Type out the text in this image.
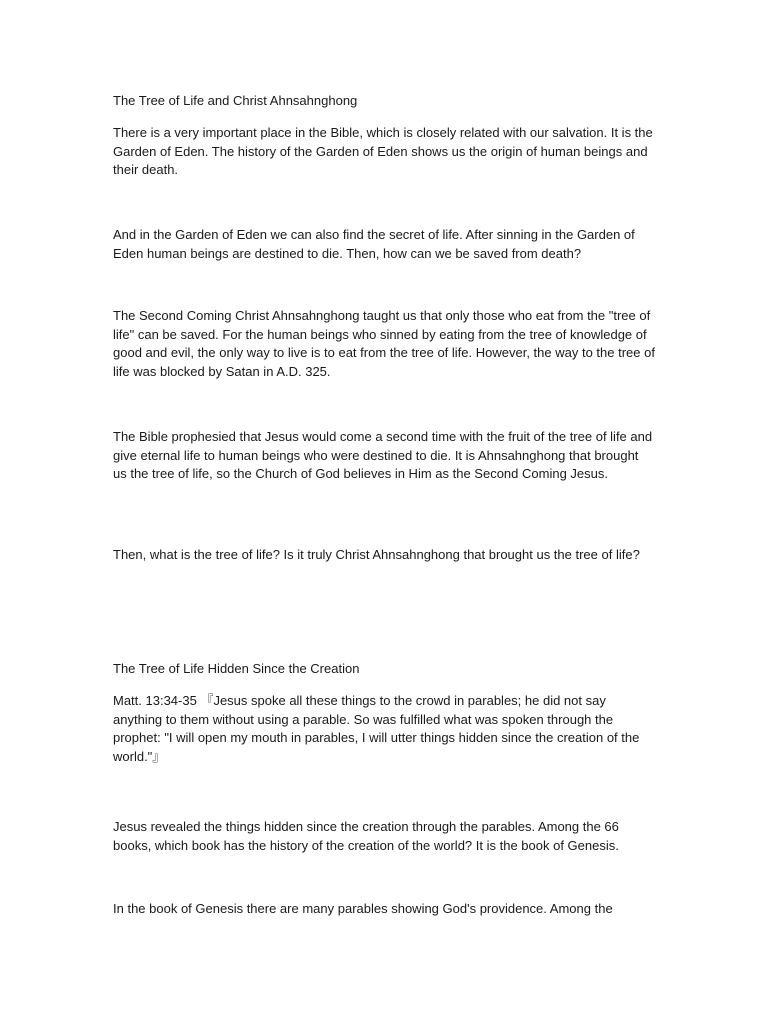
The Tree of Life and Christ Ahnsahnghong

There is a very important place in the Bible, which is closely related with our salvation. It is the Garden of Eden. The history of the Garden of Eden shows us the origin of human beings and their death.

And in the Garden of Eden we can also find the secret of life. After sinning in the Garden of Eden human beings are destined to die. Then, how can we be saved from death?

The Second Coming Christ Ahnsahnghong taught us that only those who eat from the "tree of life" can be saved. For the human beings who sinned by eating from the tree of knowledge of good and evil, the only way to live is to eat from the tree of life. However, the way to the tree of life was blocked by Satan in A.D. 325.

The Bible prophesied that Jesus would come a second time with the fruit of the tree of life and give eternal life to human beings who were destined to die. It is Ahnsahnghong that brought us the tree of life, so the Church of God believes in Him as the Second Coming Jesus.

Then, what is the tree of life? Is it truly Christ Ahnsahnghong that brought us the tree of life?

The Tree of Life Hidden Since the Creation

Matt. 13:34-35 『Jesus spoke all these things to the crowd in parables; he did not say anything to them without using a parable. So was fulfilled what was spoken through the prophet: "I will open my mouth in parables, I will utter things hidden since the creation of the world."』

Jesus revealed the things hidden since the creation through the parables. Among the 66 books, which book has the history of the creation of the world? It is the book of Genesis.

In the book of Genesis there are many parables showing God's providence. Among the
